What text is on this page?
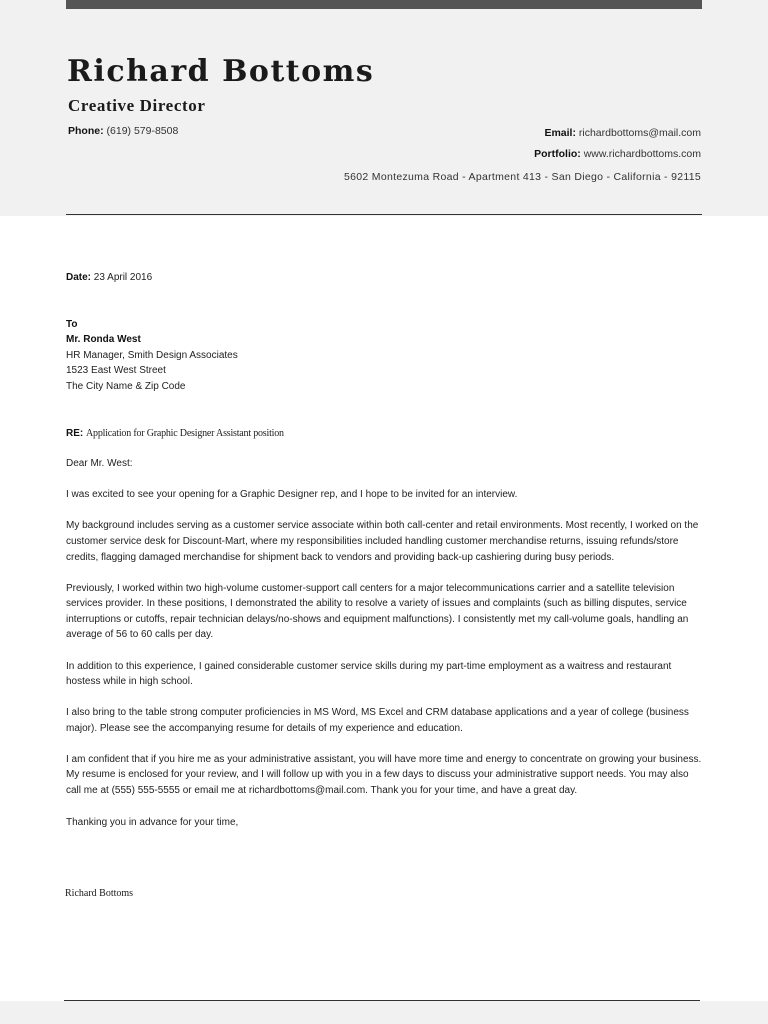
Richard Bottoms
Creative Director
Phone: (619) 579-8508	Email: richardbottoms@mail.com
Portfolio: www.richardbottoms.com
5602 Montezuma Road - Apartment 413 - San Diego - California - 92115

Date: 23 April 2016

To

Mr. Ronda West

HR Manager, Smith Design Associates

1523 East West Street

The City Name & Zip Code

RE: Application for Graphic Designer Assistant position

Dear Mr. West:

I was excited to see your opening for a Graphic Designer rep, and I hope to be invited for an interview.

My background includes serving as a customer service associate within both call-center and retail environments. Most recently, I worked on the customer service desk for Discount-Mart, where my responsibilities included handling customer merchandise returns, issuing refunds/store credits, flagging damaged merchandise for shipment back to vendors and providing back-up cashiering during busy periods.

Previously, I worked within two high-volume customer-support call centers for a major telecommunications carrier and a satellite television services provider. In these positions, I demonstrated the ability to resolve a variety of issues and complaints (such as billing disputes, service interruptions or cutoffs, repair technician delays/no-shows and equipment malfunctions). I consistently met my call-volume goals, handling an average of 56 to 60 calls per day.

In addition to this experience, I gained considerable customer service skills during my part-time employment as a waitress and restaurant hostess while in high school.

I also bring to the table strong computer proficiencies in MS Word, MS Excel and CRM database applications and a year of college (business major). Please see the accompanying resume for details of my experience and education.

I am confident that if you hire me as your administrative assistant, you will have more time and energy to concentrate on growing your business. My resume is enclosed for your review, and I will follow up with you in a few days to discuss your administrative support needs. You may also call me at (555) 555-5555 or email me at richardbottoms@mail.com. Thank you for your time, and have a great day.

Thanking you in advance for your time,

Richard Bottoms
